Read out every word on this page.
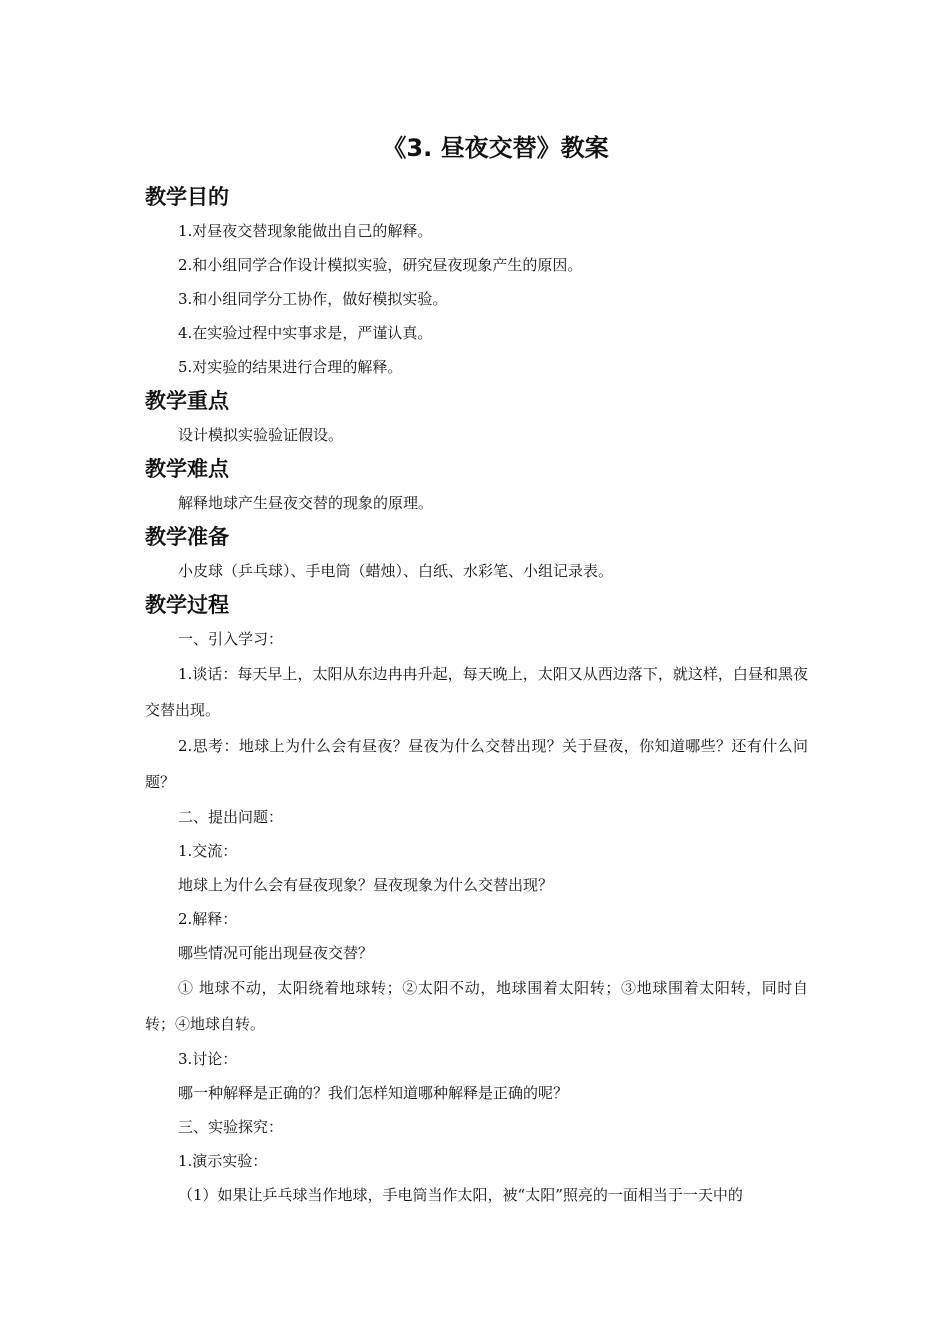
《3. 昼夜交替》教案
教学目的

1.对昼夜交替现象能做出自己的解释。

2.和小组同学合作设计模拟实验，研究昼夜现象产生的原因。

3.和小组同学分工协作，做好模拟实验。

4.在实验过程中实事求是，严谨认真。

5.对实验的结果进行合理的解释。

教学重点

设计模拟实验验证假设。

教学难点

解释地球产生昼夜交替的现象的原理。

教学准备

小皮球（乒乓球）、手电筒（蜡烛）、白纸、水彩笔、小组记录表。

教学过程

一、引入学习：

1.谈话：每天早上，太阳从东边冉冉升起，每天晚上，太阳又从西边落下，就这样，白昼和黑夜交替出现。

2.思考：地球上为什么会有昼夜？昼夜为什么交替出现？关于昼夜，你知道哪些？还有什么问题？

二、提出问题：

1.交流：

地球上为什么会有昼夜现象？昼夜现象为什么交替出现？

2.解释：

哪些情况可能出现昼夜交替？

① 地球不动，太阳绕着地球转；②太阳不动，地球围着太阳转；③地球围着太阳转，同时自转；④地球自转。

3.讨论：

哪一种解释是正确的？我们怎样知道哪种解释是正确的呢？

三、实验探究：

1.演示实验：

（1）如果让乒乓球当作地球，手电筒当作太阳，被“太阳”照亮的一面相当于一天中的
